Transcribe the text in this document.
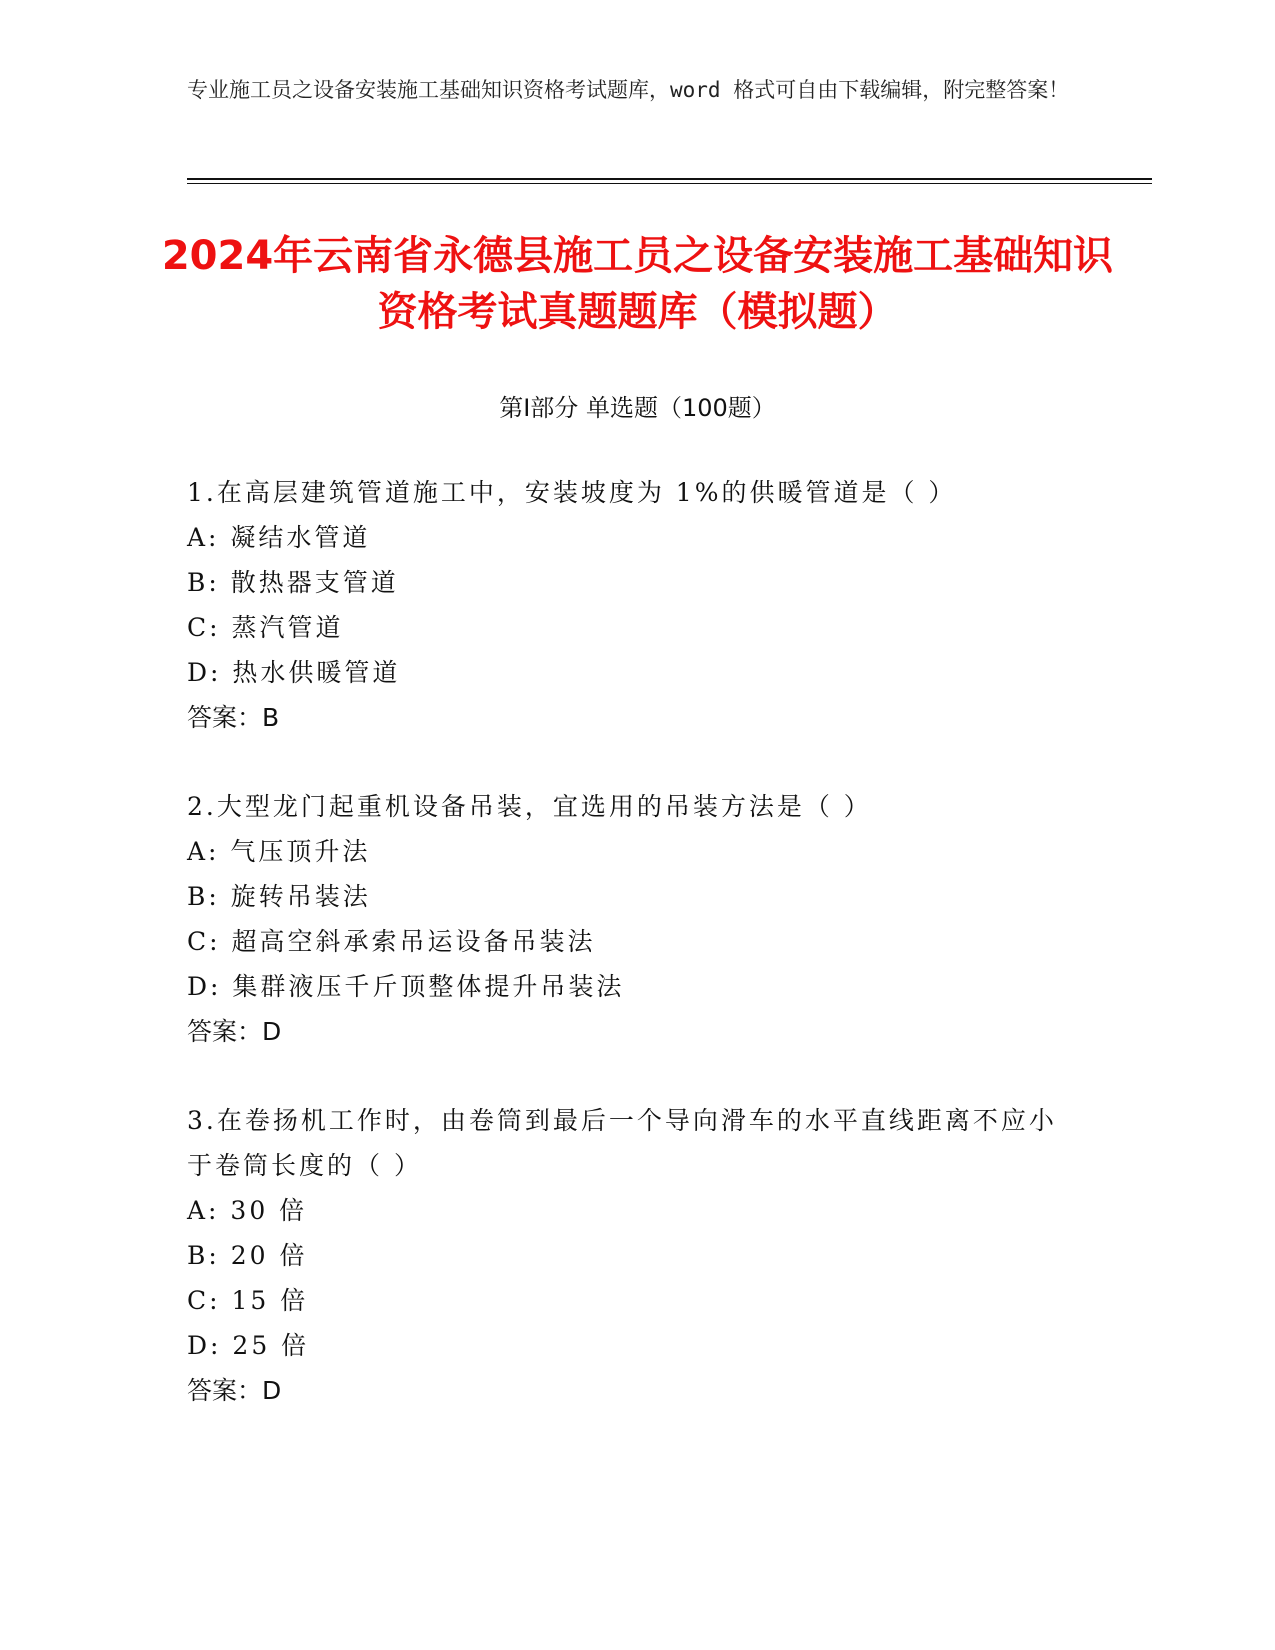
专业施工员之设备安装施工基础知识资格考试题库，word 格式可自由下载编辑，附完整答案！
2024年云南省永德县施工员之设备安装施工基础知识资格考试真题题库（模拟题）
第Ⅰ部分 单选题（100题）
1.在高层建筑管道施工中，安装坡度为 1%的供暖管道是（ ）
A: 凝结水管道
B: 散热器支管道
C: 蒸汽管道
D: 热水供暖管道
答案：B
2.大型龙门起重机设备吊装，宜选用的吊装方法是（ ）
A: 气压顶升法
B: 旋转吊装法
C: 超高空斜承索吊运设备吊装法
D: 集群液压千斤顶整体提升吊装法
答案：D
3.在卷扬机工作时，由卷筒到最后一个导向滑车的水平直线距离不应小于卷筒长度的（ ）
A: 30 倍
B: 20 倍
C: 15 倍
D: 25 倍
答案：D
